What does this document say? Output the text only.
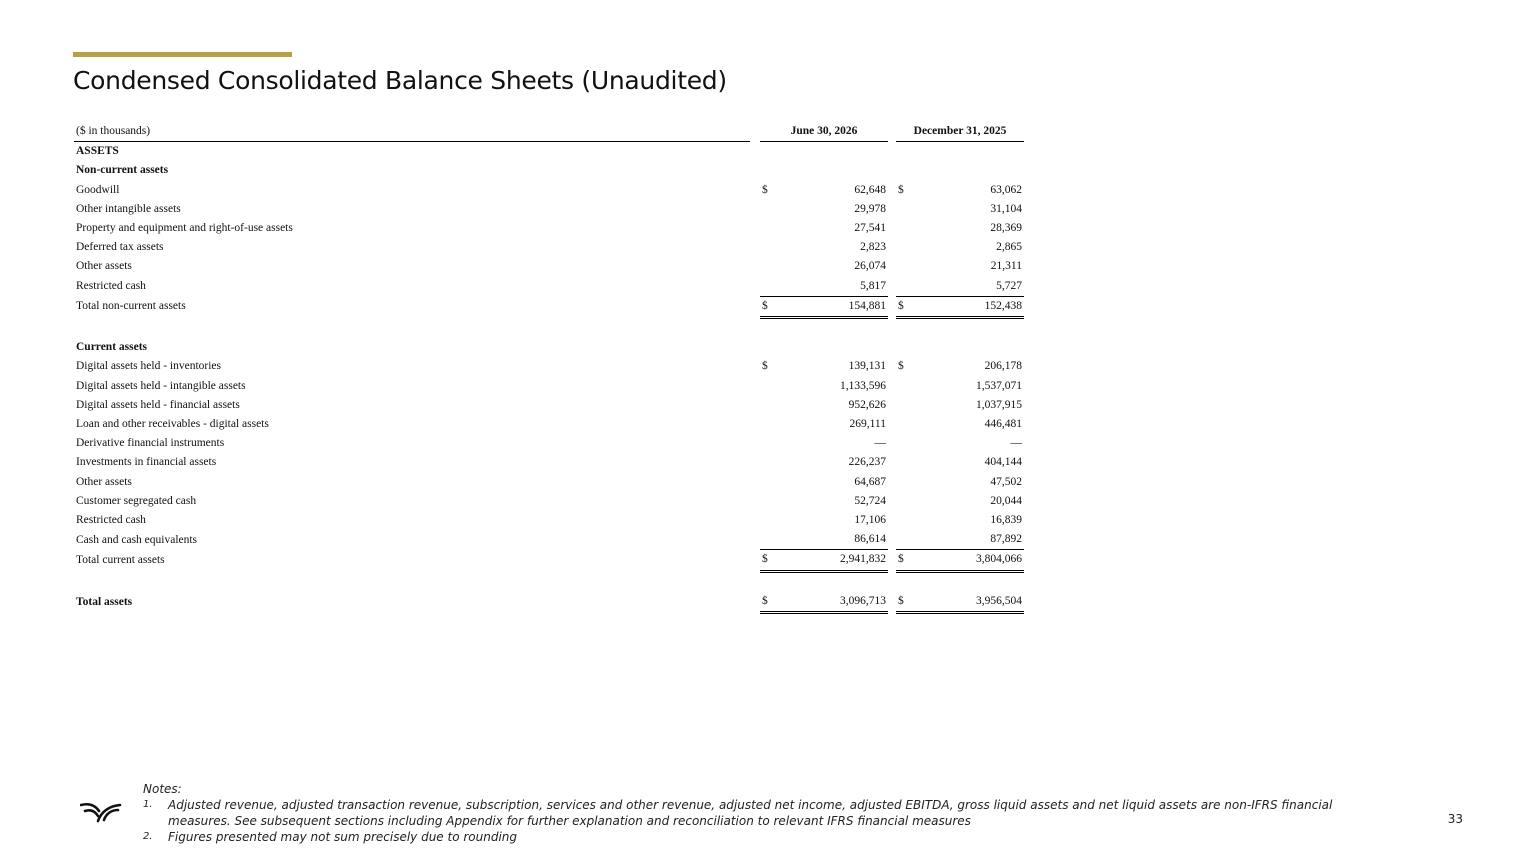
Condensed Consolidated Balance Sheets (Unaudited)
($ in thousands)		June 30, 2026			December 31, 2025	
ASSETS						
Non-current assets						
Goodwill		$	62,648		$	63,062
Other intangible assets			29,978			31,104
Property and equipment and right-of-use assets			27,541			28,369
Deferred tax assets			2,823			2,865
Other assets			26,074			21,311
Restricted cash			5,817			5,727
Total non-current assets		$	154,881		$	152,438

Current assets						
Digital assets held - inventories		$	139,131		$	206,178
Digital assets held - intangible assets			1,133,596			1,537,071
Digital assets held - financial assets			952,626			1,037,915
Loan and other receivables - digital assets			269,111			446,481
Derivative financial instruments			—			—
Investments in financial assets			226,237			404,144
Other assets			64,687			47,502
Customer segregated cash			52,724			20,044
Restricted cash			17,106			16,839
Cash and cash equivalents			86,614			87,892
Total current assets		$	2,941,832		$	3,804,066

Total assets		$	3,096,713		$	3,956,504

Notes:

1. Adjusted revenue, adjusted transaction revenue, subscription, services and other revenue, adjusted net income, adjusted EBITDA, gross liquid assets and net liquid assets are non-IFRS financial measures. See subsequent sections including Appendix for further explanation and reconciliation to relevant IFRS financial measures
2. Figures presented may not sum precisely due to rounding
33
